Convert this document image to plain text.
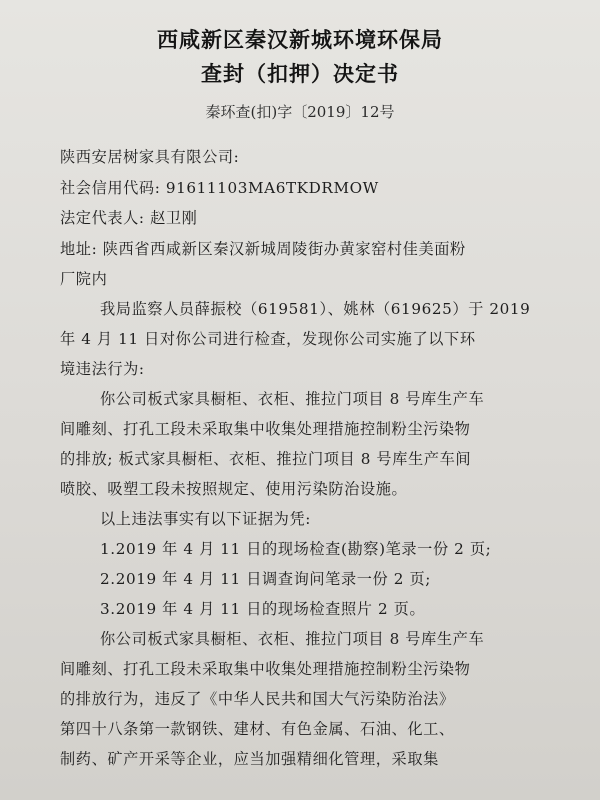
西咸新区秦汉新城环境环保局
查封（扣押）决定书
秦环查(扣)字〔2019〕12号
陕西安居树家具有限公司:
社会信用代码: 91611103MA6TKDRMOW
法定代表人: 赵卫刚
地址: 陕西省西咸新区秦汉新城周陵街办黄家窑村佳美面粉
厂院内
我局监察人员薛振校（619581）、姚林（619625）于 2019
年 4 月 11 日对你公司进行检查，发现你公司实施了以下环
境违法行为:
你公司板式家具橱柜、衣柜、推拉门项目 8 号库生产车
间雕刻、打孔工段未采取集中收集处理措施控制粉尘污染物
的排放; 板式家具橱柜、衣柜、推拉门项目 8 号库生产车间
喷胶、吸塑工段未按照规定、使用污染防治设施。
以上违法事实有以下证据为凭:
1.2019 年 4 月 11 日的现场检查(勘察)笔录一份 2 页;
2.2019 年 4 月 11 日调查询问笔录一份 2 页;
3.2019 年 4 月 11 日的现场检查照片 2 页。
你公司板式家具橱柜、衣柜、推拉门项目 8 号库生产车
间雕刻、打孔工段未采取集中收集处理措施控制粉尘污染物
的排放行为，违反了《中华人民共和国大气污染防治法》
第四十八条第一款钢铁、建材、有色金属、石油、化工、
制药、矿产开采等企业，应当加强精细化管理，采取集
